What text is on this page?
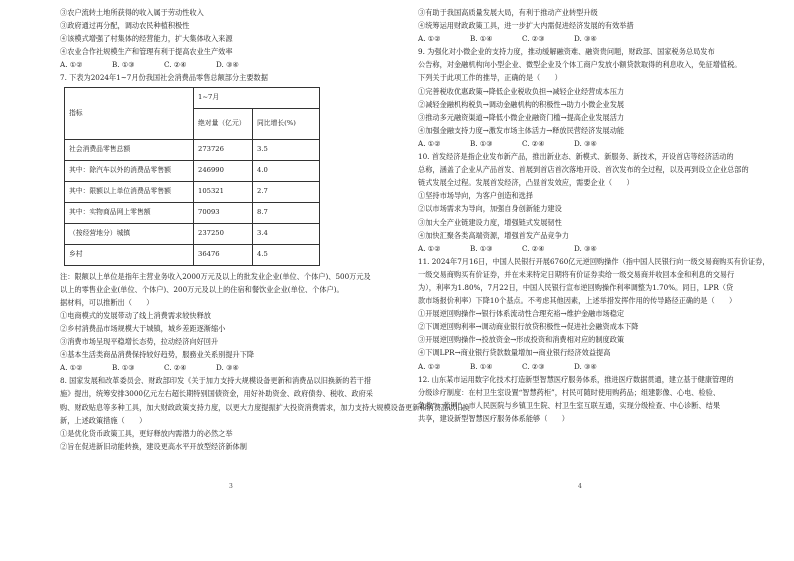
③农户流转土地所获得的收入属于劳动性收入
③政府通过再分配，调动农民种植积极性
④该模式增强了村集体的经营能力，扩大集体收入来源
④农业合作社规模生产和管理有利于提高农业生产效率
A. ①②	B. ①③	C. ②④	D. ③④
7. 下表为2024年1~7月份我国社会消费品零售总额部分主要数据
指标	1~7月	
	绝对量（亿元）	同比增长(%)
社会消费品零售总额	273726	3.5
其中：除汽车以外的消费品零售额	246990	4.0
其中：限额以上单位消费品零售额	105321	2.7
其中：实物商品网上零售额	70093	8.7
（按经营地分）城镇	237250	3.4
乡村	36476	4.5
注：限额以上单位是指年主营业务收入2000万元及以上的批发业企业(单位、个体户)、500万元及
以上的零售业企业(单位、个体户)、200万元及以上的住宿和餐饮业企业(单位、个体户)。
据材料，可以推断出（　　）
①电商模式的发展带动了线上消费需求较快释放
②乡村消费品市场规模大于城镇，城乡差距逐渐缩小
③消费市场呈现平稳增长态势，拉动经济向好回升
④基本生活类商品消费保持较好趋势，服務业关系别提升下降
A. ①②	B. ①③	C. ②④	D. ③④
8. 国家发展和改革委员会、财政部印发《关于加力支持大规模设备更新和消费品以旧换新的若干措
施》提出，统筹安排3000亿元左右超长期特别国债资金，用好补助资金、政府债券、税收、政府采
购、财政贴息等多种工具，加大财政政策支持力度，以更大力度提振扩大投资消费需求，加力支持大规模设备更新和消费品以旧换
新，上述政策措施（　　）
①是优化货币政策工具，更好释放内需潜力的必然之举
②旨在促进新旧动能转换，建设更高水平开放型经济新体制
3
③有助于我国高质量发展大局，有利于推动产业转型升级
④统筹运用财政政策工具，进一步扩大内需促进经济发展的有效举措
A. ①②	B. ①④	C. ②③	D. ③④
9. 为强化对小微企业的支持力度，推动缓解融资难、融资贵问题，财政部、国家税务总局发布
公告称，对金融机构向小型企业、微型企业及个体工商户发放小额贷款取得的利息收入，免征增值税。
下列关于此项工作的推导，正确的是（　　）
①完善税收优惠政策→降低企业税收负担→减轻企业经营成本压力
②减轻金融机构税负→调动金融机构的积极性→助力小微企业发展
③推动多元融资渠道→降低小微企业融资门槛→提高企业发展活力
④加强金融支持力度→激发市场主体活力→释放民营经济发展动能
A. ①②	B. ①③	C. ②④	D. ③④
10. 首发经济是指企业发布新产品，推出新业态、新模式、新服务、新技术，开设首店等经济活动的
总称，涵盖了企业从产品首发、首展到首店首次落地开设、首次发布的全过程，以及再到设立企业总部的
链式发展全过程。发展首发经济，凸显首发效应，需要企业（　　）
①坚持市场导向，为客户创造和选择
②以市场需求为导向，加强自身创新能力建设
③加大全产业链建设力度，增强链式发展韧性
④加快汇聚各类高端资源，增强首发产品竞争力
A. ①②	B. ①③	C. ②④	D. ③④
11. 2024年7月16日，中国人民银行开展6760亿元逆回购操作（指中国人民银行向一级交易商购买有价证券，
一级交易商购买有价证券，并在未来特定日期将有价证券卖给一级交易商并收回本金和利息的交易行
为），利率为1.80%，7月22日，中国人民银行宣布逆回购操作利率调整为1.70%。同日，LPR（贷
款市场报价利率）下降10个基点。不考虑其他因素，上述举措发挥作用的传导路径正确的是（　　）
①开展逆回购操作→银行体系流动性合理充裕→维护金融市场稳定
②下调逆回购利率→调动商业银行放贷积极性→促进社会融资成本下降
③开展逆回购操作→投放资金→形成投资和消费相对应的制度政策
④下调LPR→商业银行贷款数量增加→商业银行经济效益提高
A. ①②	B. ①④	C. ②③	D. ③④
12. 山东某市运用数字化技术打造新型智慧医疗服务体系，推进医疗数据贯通，建立基于健康管理的
分级诊疗制度：在村卫生室设置“智慧药柜”，村民可随时使用购药品；组建影像、心电、检验、
急救“一张网”，市人民医院与乡镇卫生院、村卫生室互联互通，实现分级检查、中心诊断、结果
共享，建设新型智慧医疗服务体系能够（　　）
4
